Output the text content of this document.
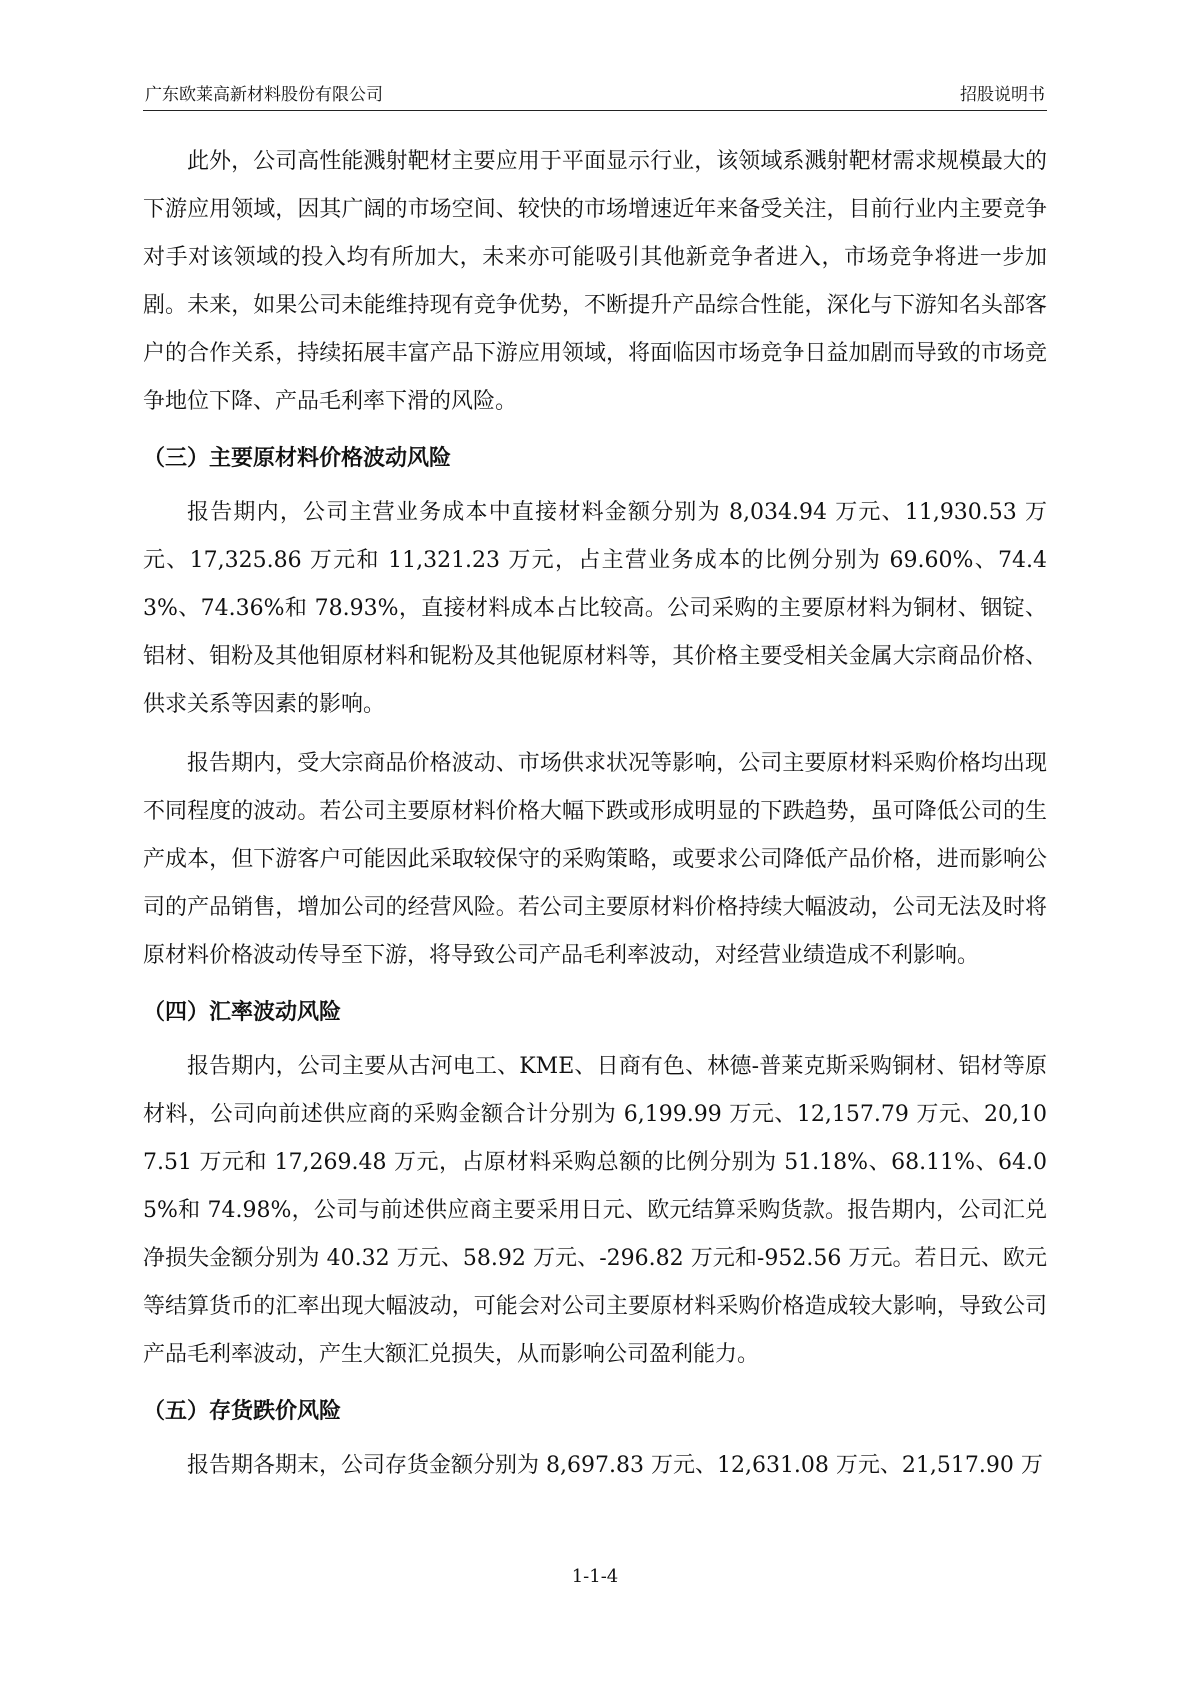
广东欧莱高新材料股份有限公司	招股说明书

此外，公司高性能溅射靶材主要应用于平面显示行业，该领域系溅射靶材需求规模最大的下游应用领域，因其广阔的市场空间、较快的市场增速近年来备受关注，目前行业内主要竞争对手对该领域的投入均有所加大，未来亦可能吸引其他新竞争者进入，市场竞争将进一步加剧。未来，如果公司未能维持现有竞争优势，不断提升产品综合性能，深化与下游知名头部客户的合作关系，持续拓展丰富产品下游应用领域，将面临因市场竞争日益加剧而导致的市场竞争地位下降、产品毛利率下滑的风险。

（三）主要原材料价格波动风险

报告期内，公司主营业务成本中直接材料金额分别为 8,034.94 万元、11,930.53 万元、17,325.86 万元和 11,321.23 万元，占主营业务成本的比例分别为 69.60%、74.43%、74.36%和 78.93%，直接材料成本占比较高。公司采购的主要原材料为铜材、铟锭、铝材、钼粉及其他钼原材料和铌粉及其他铌原材料等，其价格主要受相关金属大宗商品价格、供求关系等因素的影响。

报告期内，受大宗商品价格波动、市场供求状况等影响，公司主要原材料采购价格均出现不同程度的波动。若公司主要原材料价格大幅下跌或形成明显的下跌趋势，虽可降低公司的生产成本，但下游客户可能因此采取较保守的采购策略，或要求公司降低产品价格，进而影响公司的产品销售，增加公司的经营风险。若公司主要原材料价格持续大幅波动，公司无法及时将原材料价格波动传导至下游，将导致公司产品毛利率波动，对经营业绩造成不利影响。

（四）汇率波动风险

报告期内，公司主要从古河电工、KME、日商有色、林德-普莱克斯采购铜材、铝材等原材料，公司向前述供应商的采购金额合计分别为 6,199.99 万元、12,157.79 万元、20,107.51 万元和 17,269.48 万元，占原材料采购总额的比例分别为 51.18%、68.11%、64.05%和 74.98%，公司与前述供应商主要采用日元、欧元结算采购货款。报告期内，公司汇兑净损失金额分别为 40.32 万元、58.92 万元、-296.82 万元和-952.56 万元。若日元、欧元等结算货币的汇率出现大幅波动，可能会对公司主要原材料采购价格造成较大影响，导致公司产品毛利率波动，产生大额汇兑损失，从而影响公司盈利能力。

（五）存货跌价风险

报告期各期末，公司存货金额分别为 8,697.83 万元、12,631.08 万元、21,517.90 万

1-1-4
